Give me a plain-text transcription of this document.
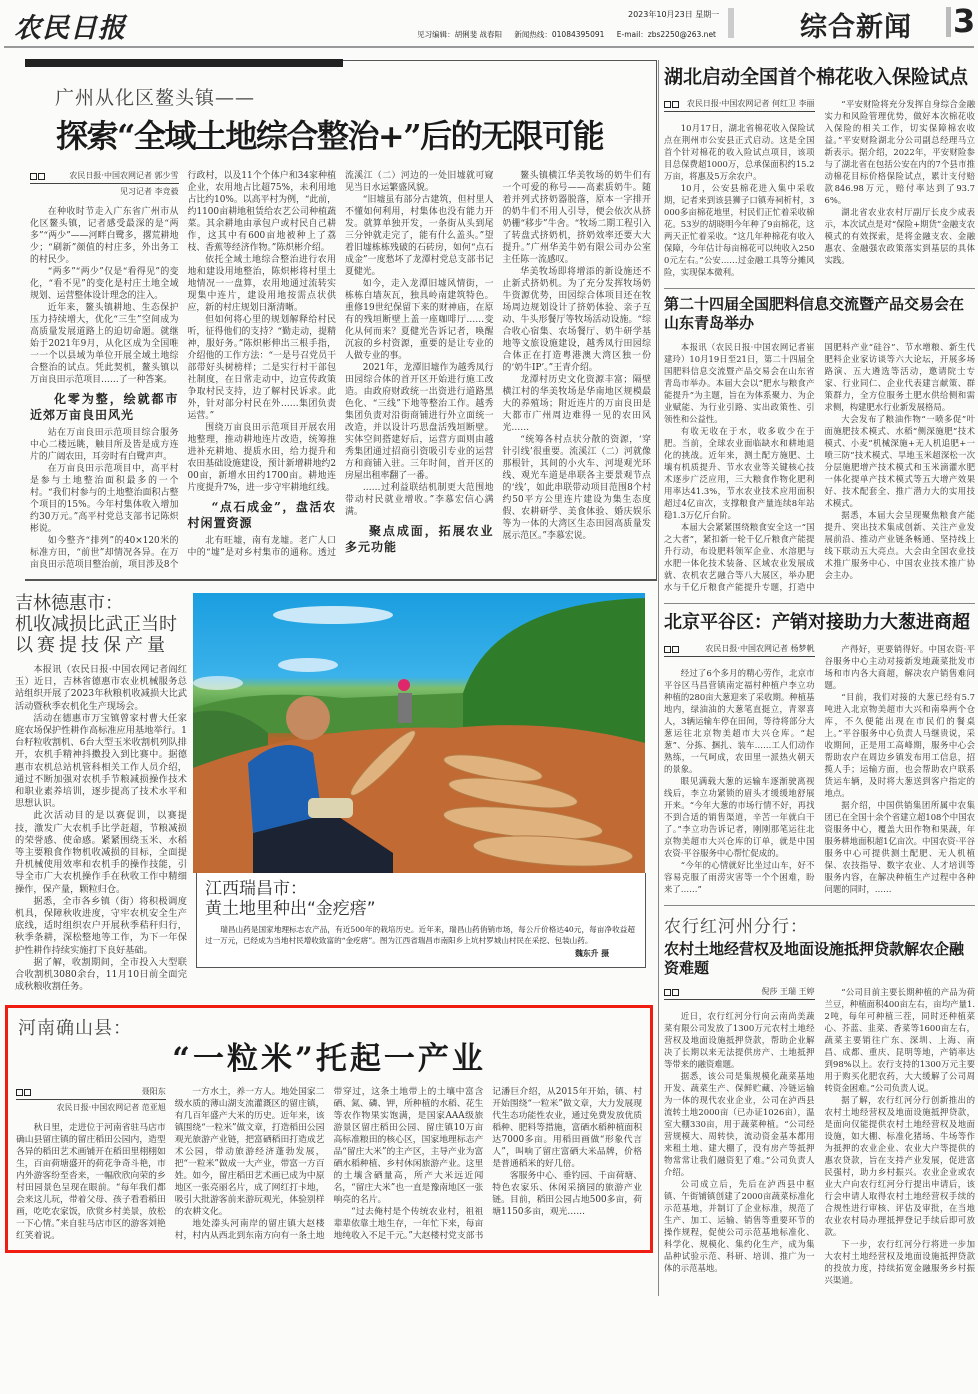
农民日报	2023年10月23日 星期一
见习编辑：胡俐斐 战春阳 新闻热线：01084395091 E-mail：zbs2250@263.net	综合新闻 3
广州从化区鳌头镇——
探索“全域土地综合整治+”后的无限可能
农民日报·中国农网记者 郭少雪
见习记者 李竞毅

在种收时节走入广东省广州市从化区鳌头镇，记者感受最深的是“两多”“两少”——河畔白鹭多，撂荒耕地少；“刷新”颜值的村庄多，外出务工的村民少。

“两多”“两少”仅是“看得见”的变化，“看不见”的变化是村庄土地全域规划、运营整体设计理念的注入。

近年来，鳌头镇耕地、生态保护压力持续增大，优化“三生”空间成为高质量发展道路上的迫切命题。就继始于2021年9月，从化区成为全国唯一一个以县域为单位开展全域土地综合整治的试点。凭此契机，鳌头镇以万亩良田示范项目……了一种答案。

化零为整，绘就都市近郊万亩良田风光

站在万亩良田示范项目综合服务中心二楼远眺，触目所及皆是成方连片的广阔农田，耳旁时有白鹭声声。

在万亩良田示范项目中，高平村是参与土地整治面积最多的一个村。“我们村参与的土地整治面积占整个项目的15%。今年村集体收入增加约30万元。”高平村党总支部书记陈炽彬说。

如今整齐“排列”的40×120米的标准方田，“前世”却情况各异。在万亩良田示范项目整治前，项目涉及8个行政村，以及11个个体户和34家种植企业，农用地占比超75%，未利用地占比约10%。以高平村为例，“此前，约1100亩耕地租赁给农艺公司种植蔬菜。其余耕地由承包户或村民自己耕作，这其中有600亩地被种上了荔枝、香蕉等经济作物。”陈炽彬介绍。

依托全域土地综合整治进行农用地和建设用地整治，陈炽彬将村里土地情况一一盘算，农用地通过流转实现集中连片，建设用地按需点状供应，新的村庄规划日渐清晰。

但如何将心里的规划解释给村民听，征得他们的支持？“勤走动，提精神，服好务。”陈炽彬伸出三根手指，介绍他的工作方法：“一是号召党员干部带好头树榜样；二是实行村干部包社制度，在日常走动中，边宣传政策争取村民支持，边了解村民诉求。此外，针对部分村民在外……集团负责运营。”

围绕万亩良田示范项目开展农用地整理，推动耕地连片改造，统筹推进补充耕地、提质水田，给力提升和农田基础设施建设，预计新增耕地约200亩，新增水田约1700亩。耕地连片度提升7%，进一步守牢耕地红线。

“点石成金”，盘活农村闲置资源

北有旺墟，南有龙墟。老广人口中的“墟”是对乡村集市的通称。透过流溪江（二）河边的一处旧墟就可窥见当日水运繁盛风貌。

“旧墟虽有部分古建筑，但村里人不懂如何利用，村集体也没有能力开发。就算单独开发，一条街从头到尾三分钟就走完了，能有什么盖头。”望着旧墟栋栋残破的石砖房，如何“点石成金”一度愁坏了龙潭村党总支部书记夏健光。

如今，走入龙潭旧墟风情街，一栋栋白墙灰瓦，独具岭南建筑特色。重修19世纪保留下来的财神庙，在原有的残垣断壁上盖一座咖啡厅……变化从何而来？夏健光告诉记者，唤醒沉寂的乡村资源，重要的是让专业的人做专业的事。

2021年，龙潭旧墟作为越秀凤行田园综合体的首开区开始进行施工改造。由政府财政统一出资进行道路黑色化、“三线”下地等整治工作。越秀集团负责对沿街商铺进行外立面统一改造，并以设计巧思盘活残垣断壁。实体空间搭建好后，运营方面则由越秀集团通过招商引资吸引专业的运营方和商铺入驻。三年时间，首开区的房屋出租率翻了一番。

……过利益联结机制更大范围地带动村民就业增收。”李慕宏信心满满。

聚点成面，拓展农业多元功能

鳌头镇横江华美牧场的奶牛们有一个可爱的称号——高素质奶牛。随着并列式挤奶器脱落，原本一字排开的奶牛们不用人引导，便会依次从挤奶栅“移步”牛舍。“牧场二期工程引入了转盘式挤奶机，挤奶效率还要大大提升。”广州华美牛奶有限公司办公室主任陈一流感叹。

华美牧场即将增添的新设施还不止新式挤奶机。为了充分发挥牧场奶牛资源优势，田园综合体项目还在牧场周边规划设计了挤奶体验、亲子互动、牛头形餐厅等牧场活动设施。“综合收心宿集、农场餐厅、奶牛研学基地等文旅设施建设，越秀凤行田园综合体正在打造粤港澳大湾区独一份的‘奶牛IP’。”王青介绍。

龙潭村历史文化资源丰富；隔壁横江村的华美牧场是华南地区规模最大的养殖场；附近连片的万亩良田是大都市广州周边难得一见的农田风光……

“统筹各村点状分散的资源，‘穿针引线’很重要。流溪江（二）河就像那根针，其间的小火车、河堤观光环线、观光车道是串联各主要景观节点的‘线’，如此串联带动项目范围8个村约50平方公里连片建设为集生态度假、农耕研学、美食体验、婚庆娱乐等为一体的大湾区生态田园高质量发展示范区。”李慕宏说。

吉林德惠市：
机收减损比武正当时
以赛提技保产量

本报讯（农民日报·中国农网记者阎红玉）近日，吉林省德惠市农业机械服务总站组织开展了2023年秋粮机收减损大比武活动暨秋季农机化生产现场会。

活动在德惠市万宝镇曾家村曹大任家庭农场保护性耕作高标准应用基地举行。1台籽粒收割机、6台大型玉米收割机列队排开，农机手精神抖擞投入到比赛中。据德惠市农机总站机管科相关工作人员介绍，通过不断加强对农机手节粮减损操作技术和职业素养培训，逐步提高了技术水平和思想认识。

此次活动目的是以赛促训，以赛提技，激发广大农机手比学赶超，节粮减损的荣誉感、使命感。紧紧围绕玉米、水稻等主要粮食作物机收减损的目标，全面提升机械使用效率和农机手的操作技能，引导全市广大农机操作手在秋收工作中精细操作，保产量，颗粒归仓。

据悉，全市各乡镇（街）将积极调度机具，保障秋收进度，守牢农机安全生产底线，适时组织农户开展秋季秸秆归行，秋季条耕，深松整地等工作，为下一年保护性耕作持续实施打下良好基础。

据了解，收割期间，全市投入大型联合收割机3080余台，11月10日前全面完成秋粮收割任务。

江西瑞昌市：
黄土地里种出“金疙瘩”
瑞昌山药是国家地理标志农产品，有近500年的栽培历史。近年来，瑞昌山药俏销市场，每公斤价格达40元，每亩净收益超过一万元，已经成为当地村民增收致富的“金疙瘩”。图为江西省瑞昌市南阳乡上坑村罗城山村民在采挖、包装山药。
魏东升 摄
河南确山县：
“一粒米”托起一产业
聂阳东
农民日报·中国农网记者 范亚旭

秋日里，走进位于河南省驻马店市确山县留庄镇的留庄稻田公园内，造型各异的稻田艺术画铺开在稻田里栩栩如生，百亩荷塘盛开的荷花争奇斗艳，市内外游客纷至沓来，一幅欣欣向荣的乡村田园景色呈现在眼前。“每年我们都会来这儿玩，带着父母、孩子看看稻田画，吃吃农家饭，欣赏乡村美景，放松一下心情。”来自驻马店市区的游客刘艳红笑着说。

一方水土，养一方人。地处国家二级水质的薄山湖支流灌溉区的留庄镇，有几百年盛产大米的历史。近年来，该镇围绕“一粒米”做文章，打造稻田公园观光旅游产业链，把富硒稻田打造成艺术公园，带动旅游经济蓬勃发展，把“一粒米”做成一大产业，带富一方百姓。如今，留庄稻田艺术画已成为中原地区一张亮丽名片，成了网红打卡地，吸引大批游客前来游玩观光，体验别样的农耕文化。

地处溱头河南岸的留庄镇大赵楼村，村内从西北到东南方向有一条土地带穿过，这条土地带上的土壤中富含硒、氮、磷、钾，所种植的水稻、花生等农作物果实饱满，是国家AAA级旅游景区留庄稻田公园、留庄镇10万亩高标准粮田的核心区，国家地理标志产品“留庄大米”的主产区，主导产业为富硒水稻种植、乡村休闲旅游产业。这里的土壤含硒量高，所产大米远近闻名，“留庄大米”也一直是豫南地区一张响亮的名片。

“过去俺村是个传统农业村，祖祖辈辈依靠土地生存，一年忙下来，每亩地纯收入不足千元。”大赵楼村党支部书记潘巨介绍，从2015年开始，镇、村开始围绕“一粒米”做文章，大力发展现代生态功能性农业，通过免费发放优质稻种、肥料等措施，富硒水稻种植面积达7000多亩。用稻田画做“形象代言人”，叫响了留庄富硒大米品牌，价格是普通稻米的好几倍。

客服务中心、垂钓园、千亩荷塘、特色农家乐、休闲采摘园的旅游产业链。目前，稻田公园占地500多亩，荷塘1150多亩，观光……

湖北启动全国首个棉花收入保险试点
农民日报·中国农网记者 何红卫 李丽

10月17日，湖北省棉花收入保险试点在荆州市公安县正式启动。这是全国首个针对棉花的收入险试点项目，该项目总保费超1000万，总承保面积约15.2万亩，将惠及5万余农户。

10月，公安县棉花进入集中采收期，记者来到该县狮子口镇寿祠析村，3000多亩棉花地里，村民们正忙着采收棉花。53岁的胡晓明今年种了9亩棉花，这两天正忙着采收。“这几年种棉花有收入保障，今年估计每亩棉花可以纯收入2500元左右。”公安……过金融工具等分摊风险，实现保本微利。

“平安财险将充分发挥自身综合金融实力和风险管理优势，做好本次棉花收入保险的相关工作，切实保障棉农收益。”平安财险湖北分公司副总经理马立新表示。据介绍，2022年，平安财险参与了湖北省在包括公安在内的7个县市推动棉花目标价格保险试点，累计支付赔款846.98万元，赔付率达到了93.76%。

湖北省农业农村厅副厅长皮少成表示，本次试点是对“保险+期货”金融支农模式的有效探索，是将金融支农、金融惠农、金融强农政策落实到基层的具体实践。

第二十四届全国肥料信息交流暨产品交易会在山东青岛举办

本报讯（农民日报·中国农网记者崔建玲）10月19日至21日，第二十四届全国肥料信息交流暨产品交易会在山东省青岛市举办。本届大会以“肥水与粮食产能提升”为主题，旨在为体系聚力、为企业赋能、为行业引路、实出政策性、引领性和公益性。

有收无收在于水，收多收少在于肥。当前，全球农业面临缺水和耕地退化的挑战。近年来，测土配方施肥、土壤有机质提升、节水农业等关键核心技术逐步广泛应用，三大粮食作物化肥利用率达41.3%，节水农业技术应用面积超过4亿亩次，支撑粮食产量连续8年站稳1.3万亿斤台阶。

本届大会紧紧围绕粮食安全这一“国之大者”，紧扣新一轮千亿斤粮食产能提升行动，布设肥料领军企业、水溶肥与水肥一体化技术装备、区域农业发展成就、农机农艺融合等八大展区，举办肥水与千亿斤粮食产能提升专题，打造中国肥料产业“硅谷”、节水增粮、新生代肥料企业家访谈等六大论坛，开展多场路演、五大遴选等活动，邀请院士专家、行业同仁、企业代表建言献策、群策群力，全方位服务土肥水供给侧和需求侧，构建肥水行业新发展格局。

大会发布了粮油作物“一喷多促”叶面施肥技术模式、水稻“侧深施肥”技术模式、小麦“机械深施+无人机追肥+一喷三防”技术模式、旱地玉米超深松一次分层施肥增产技术模式和玉米滴灌水肥一体化提单产技术模式等五大增产效果好、技术配套全、推广潜力大的实用技术模式。

据悉，本届大会呈现聚焦粮食产能提升、突出技术集成创新、关注产业发展前沿、推动产业链条畅通、坚持线上线下联动五大亮点。大会由全国农业技术推广服务中心、中国农业技术推广协会主办。

北京平谷区：产销对接助力大葱进商超
农民日报·中国农网记者 杨梦帆

经过了6个多月的精心劳作，北京市平谷区马昌营镇南定福村种植户李立功种植的280亩大葱迎来了采收期。种植基地内，绿油油的大葱笔直挺立，青翠喜人，3辆运输车停在田间，等待将部分大葱运往北京物美超市大兴仓库。“起葱”、分拣、捆扎、装车……工人们动作熟练，一气呵成，农田里一派热火朝天的景象。

眼见满载大葱的运输车逐渐驶离视线后，李立功紧锁的眉头才缓缓地舒展开来。“今年大葱的市场行情不好，再找不到合适的销售渠道，辛苦一年就白干了。”李立功告诉记者，刚刚那笔运往北京物美超市大兴仓库的订单，就是中国农资·平谷服务中心帮忙促成的。

“今年的心情就好比坐过山车，好不容易克服了雨涝灾害等一个个困难，盼来了……”

产得好，更要销得好。中国农资·平谷服务中心主动对接新发地蔬菜批发市场和市内各大商超，解决农户销售难问题。

“目前，我们对接的大葱已经有5.7吨进入北京物美超市大兴和南皋两个仓库，不久便能出现在市民们的餐桌上。”平谷服务中心负责人马继贵说，采收期间，正是用工高峰期，服务中心会帮助农户在周边乡镇发布用工信息，招揽人手；运输方面，也会帮助农户联系货运车辆，及时将大葱送到客户指定的地点。

据介绍，中国供销集团所属中农集团已在全国十余个省建立超108个中国农资服务中心，覆盖大田作物和果蔬，年服务耕地面积超1亿亩次。中国农资·平谷服务中心可提供测土配肥、无人机植保、农技指导、数字农业、人才培训等服务内容，在解决种植生产过程中各种问题的同时，……

农行红河州分行：
农村土地经营权及地面设施抵押贷款解农企融资难题
倪莎 王瑞 王婷

近日，农行红河分行向云南尚美蔬菜有限公司发放了1300万元农村土地经营权及地面设施抵押贷款，帮助企业解决了长期以来无法提供房产、土地抵押等带来的融资难题。

据悉，该公司是集规模化蔬菜基地开发、蔬菜生产、保鲜贮藏、冷链运输为一体的现代农业企业，公司在泸西县流转土地2000亩（已办证1026亩），温室大棚330亩，用于蔬菜种植。“公司经营规模大、周转快，流动资金基本都用来租土地、建大棚了，没有房产等抵押物常常让我们融资犯了难。”公司负责人介绍。

公司成立后，先后在泸西县中枢镇、午街铺镇创建了2000亩蔬菜标准化示范基地，并制订了企业标准，规范了生产、加工、运输、销售等重要环节的操作规程，促使公司示范基地标准化、科学化、规模化、集约化生产，成为集品种试验示范、科研、培训、推广为一体的示范基地。

“公司目前主要长期种植的产品为荷兰豆，种植面积400亩左右，亩均产量1.2吨，每年可种植三茬，同时还种植菜心、芥蓝、韭菜、香菜等1600亩左右，蔬菜主要销往广东、深圳、上海、南昌、成都、重庆、昆明等地，产销率达到98%以上。农行支持的1300万元主要用于购买化肥农药，大大缓解了公司周转资金困难。”公司负责人说。

据了解，农行红河分行创新推出的农村土地经营权及地面设施抵押贷款，是面向仅能提供农村土地经营权及地面设施，如大棚、标准化猪场、牛场等作为抵押的农业企业、农业大户等提供的惠农贷款，旨在支持产业发展，促进富民强村，助力乡村振兴。农业企业或农业大户向农行红河分行提出申请后，该行会申请人取得农村土地经营权手续的合规性进行审核、评估及审批，在当地农业农村局办理抵押登记手续后即可放款。

下一步，农行红河分行将进一步加大农村土地经营权及地面设施抵押贷款的投放力度，持续拓宽金融服务乡村振兴渠道。
